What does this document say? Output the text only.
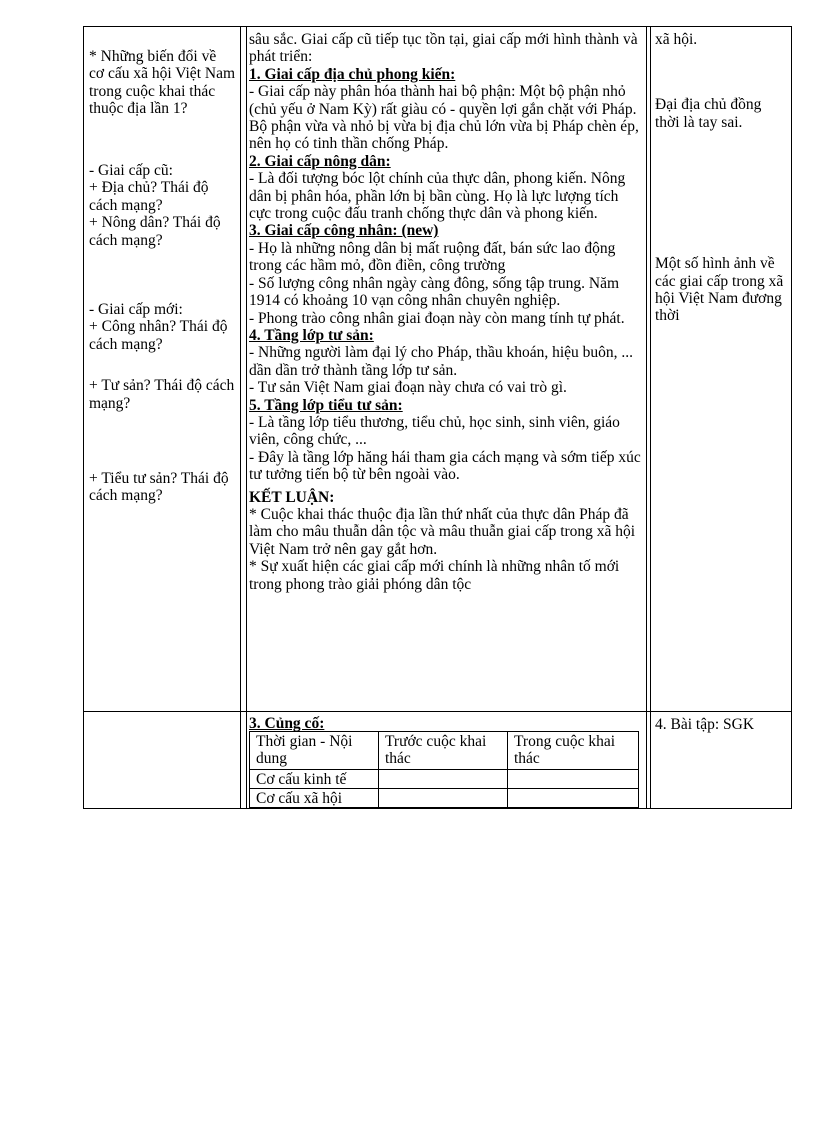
* Những biến đổi về cơ cấu xã hội Việt Nam trong cuộc khai thác thuộc địa lần 1?

- Giai cấp cũ:

+ Địa chủ? Thái độ cách mạng?

+ Nông dân? Thái độ cách mạng?

- Giai cấp mới:

+ Công nhân? Thái độ cách mạng?

+ Tư sản? Thái độ cách mạng?

+ Tiểu tư sản? Thái độ cách mạng?

sâu sắc. Giai cấp cũ tiếp tục tồn tại, giai cấp mới hình thành và phát triển:

1. Giai cấp địa chủ phong kiến:

- Giai cấp này phân hóa thành hai bộ phận: Một bộ phận nhỏ (chủ yếu ở Nam Kỳ) rất giàu có - quyền lợi gắn chặt với Pháp. Bộ phận vừa và nhỏ bị vừa bị địa chủ lớn vừa bị Pháp chèn ép, nên họ có tinh thần chống Pháp.

2. Giai cấp nông dân:

- Là đối tượng bóc lột chính của thực dân, phong kiến. Nông dân bị phân hóa, phần lớn bị bần cùng. Họ là lực lượng tích cực trong cuộc đấu tranh chống thực dân và phong kiến.

3. Giai cấp công nhân: (new)

- Họ là những nông dân bị mất ruộng đất, bán sức lao động trong các hầm mỏ, đồn điền, công trường

- Số lượng công nhân ngày càng đông, sống tập trung. Năm 1914 có khoảng 10 vạn công nhân chuyên nghiệp.

- Phong trào công nhân giai đoạn này còn mang tính tự phát.

4. Tầng lớp tư sản:

- Những người làm đại lý cho Pháp, thầu khoán, hiệu buôn, ... dần dần trở thành tầng lớp tư sản.

- Tư sản Việt Nam giai đoạn này chưa có vai trò gì.

5. Tầng lớp tiểu tư sản:

- Là tầng lớp tiểu thương, tiểu chủ, học sinh, sinh viên, giáo viên, công chức, ...

- Đây là tầng lớp hăng hái tham gia cách mạng và sớm tiếp xúc tư tưởng tiến bộ từ bên ngoài vào.

KẾT LUẬN:

* Cuộc khai thác thuộc địa lần thứ nhất của thực dân Pháp đã làm cho mâu thuẫn dân tộc và mâu thuẫn giai cấp trong xã hội Việt Nam trở nên gay gắt hơn.

* Sự xuất hiện các giai cấp mới chính là những nhân tố mới trong phong trào giải phóng dân tộc

xã hội.

Đại địa chủ đồng thời là tay sai.

Một số hình ảnh về các giai cấp trong xã hội Việt Nam đương thời

3. Củng cố:

Thời gian - Nội dung	Trước cuộc khai thác	Trong cuộc khai thác
Cơ cấu kinh tế		
Cơ cấu xã hội		

4. Bài tập: SGK
